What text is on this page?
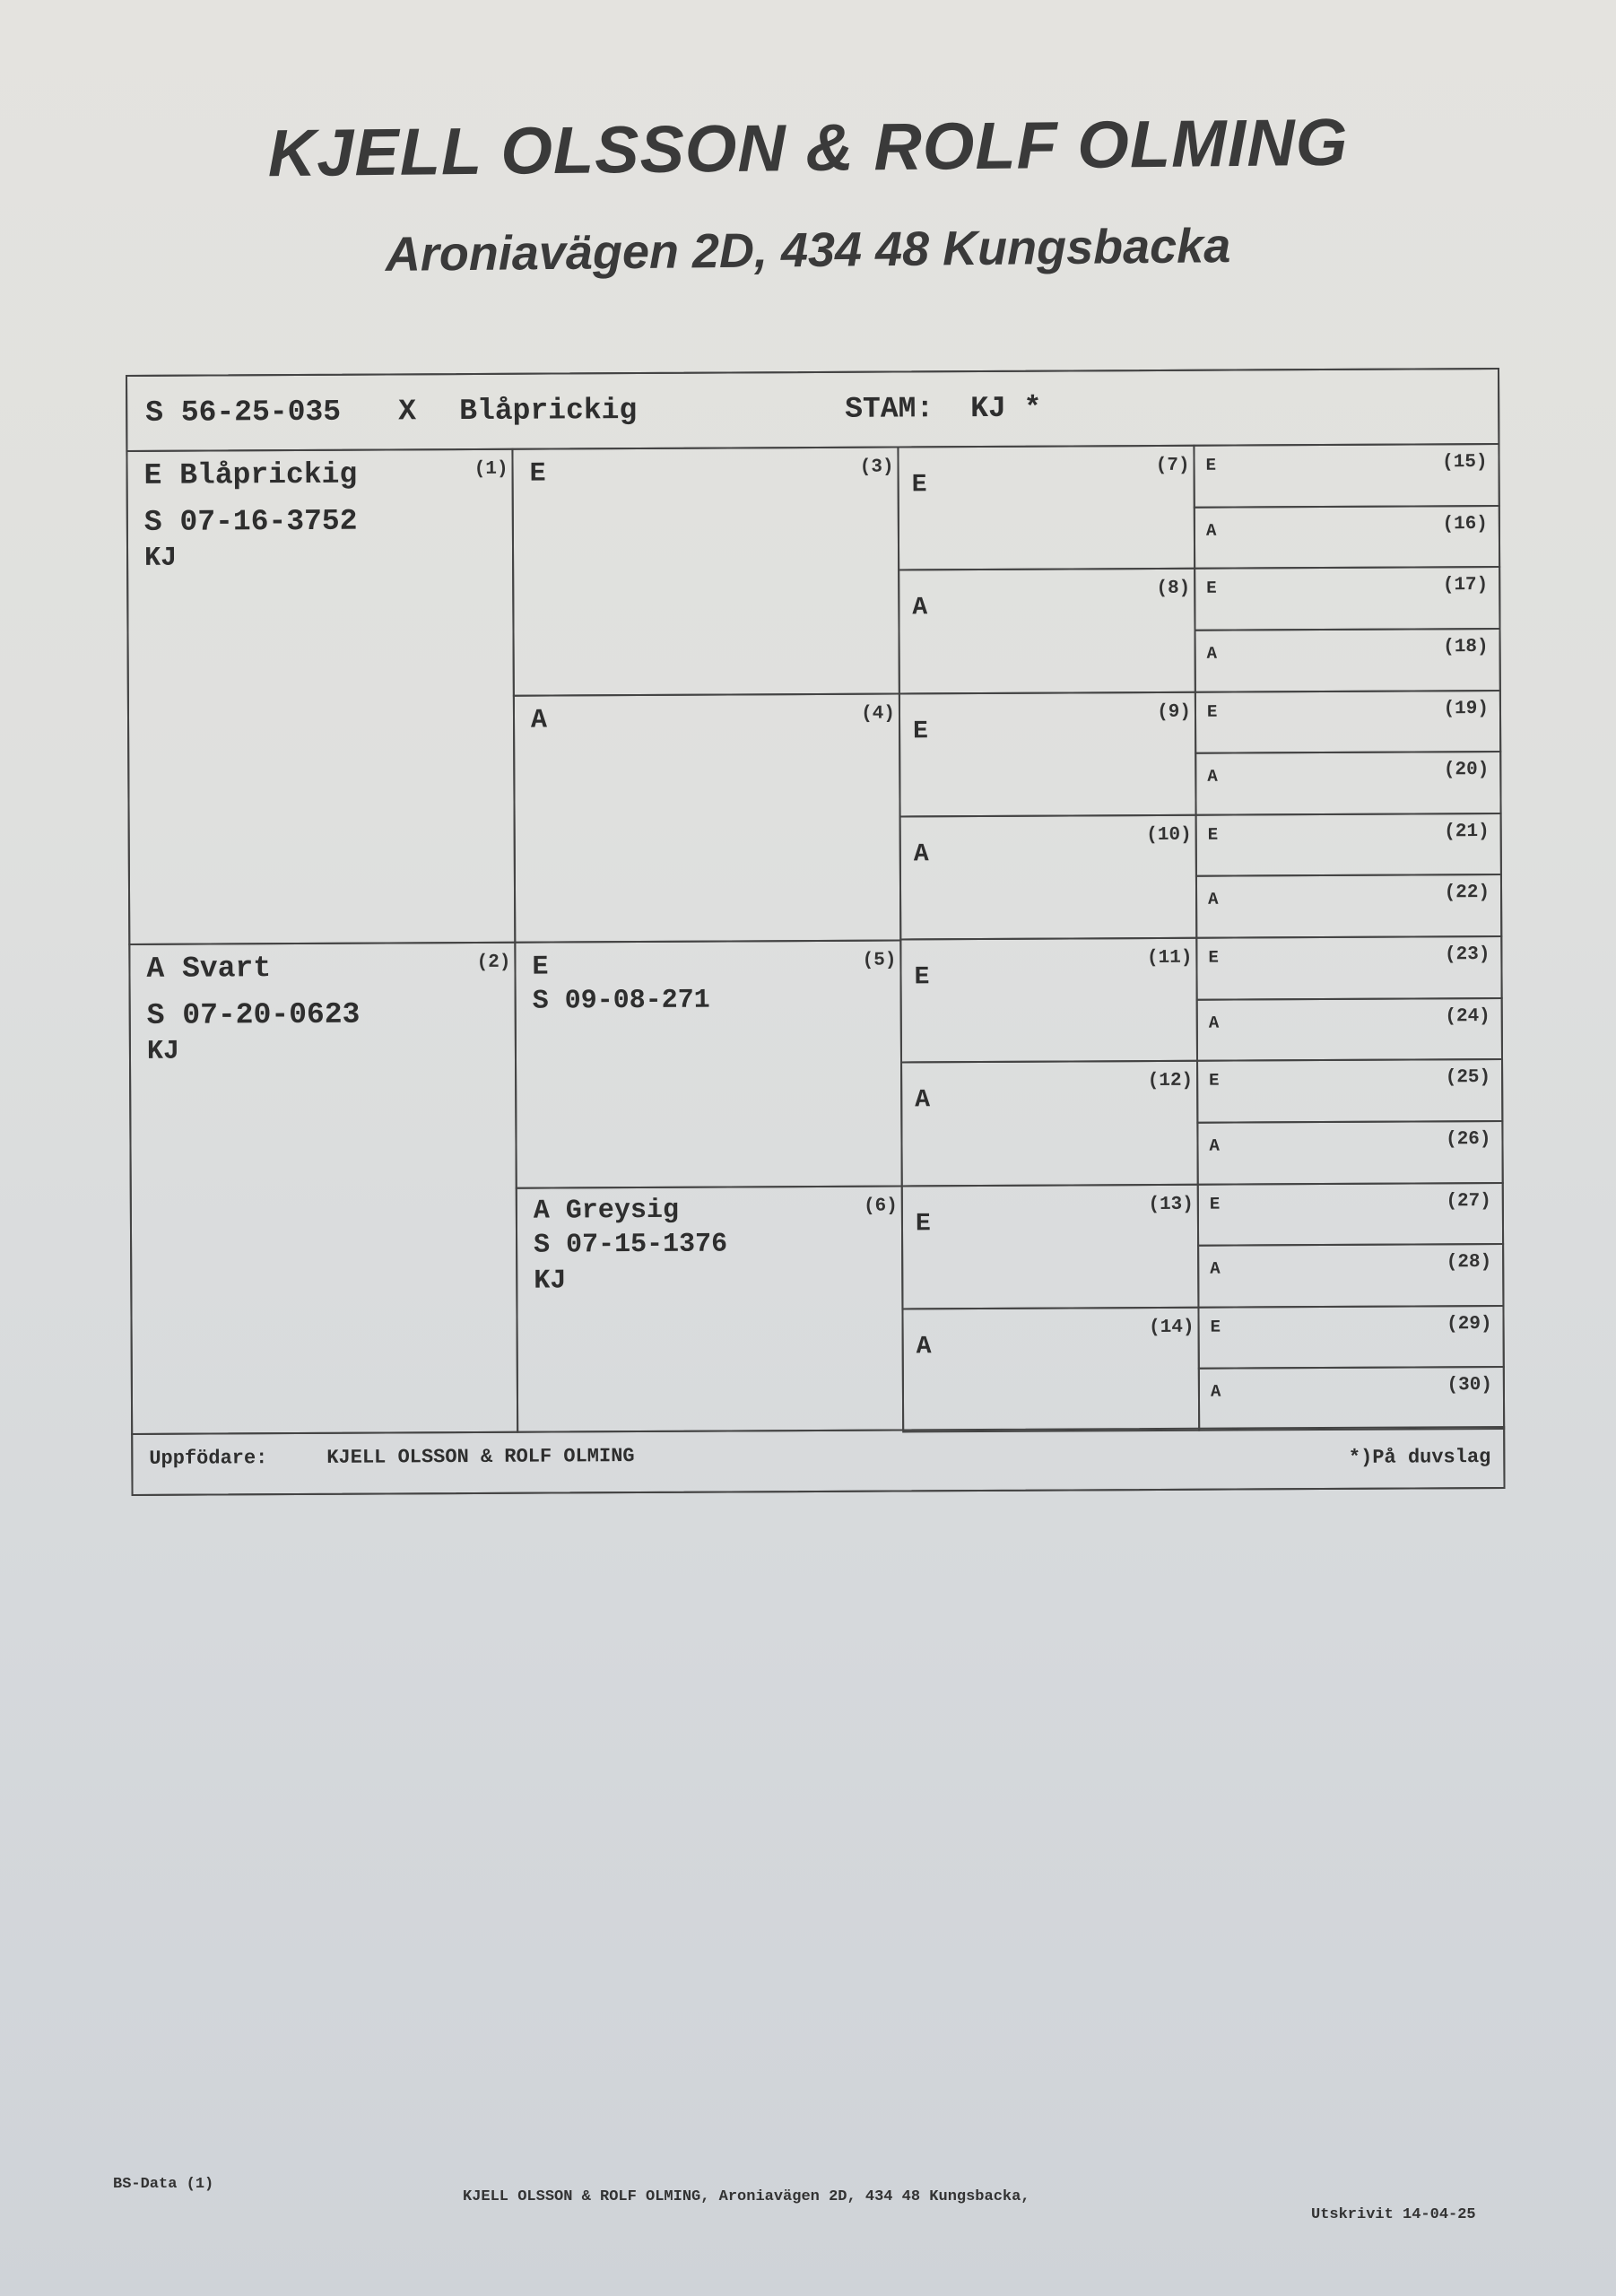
KJELL OLSSON & ROLF OLMING
Aroniavägen 2D, 434 48 Kungsbacka
S 56-25-035 X Blåprickig	STAM: KJ *
(1)
E Blåprickig
S 07-16-3752
KJ
(2)
A Svart
S 07-20-0623
KJ
(3)
E
(4)
A
(5)
E
S 09-08-271
(6)
A Greysig
S 07-15-1376
KJ
Uppfödare:	KJELL OLSSON & ROLF OLMING	*)På duvslag
(7)
E
(8)
A
(9)
E
(10)
A
(11)
E
(12)
A
(13)
E
(14)
A
(15)
E
(16)
A
(17)
E
(18)
A
(19)
E
(20)
A
(21)
E
(22)
A
(23)
E
(24)
A
(25)
E
(26)
A
(27)
E
(28)
A
(29)
E
(30)
A
BS-Data (1)
KJELL OLSSON & ROLF OLMING, Aroniavägen 2D, 434 48 Kungsbacka,
Utskrivit 14-04-25
